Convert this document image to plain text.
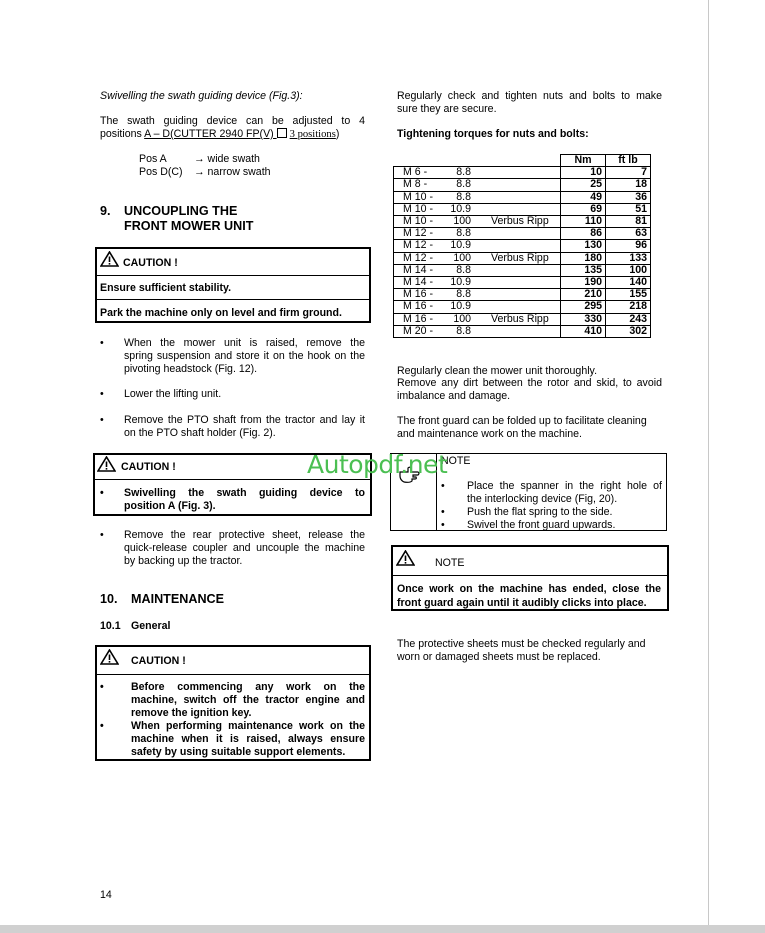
Swivelling the swath guiding device (Fig.3):
The swath guiding device can be adjusted to 4
positions A – D(CUTTER 2940 FP(V) 3 positions)
Pos A	→ wide swath
Pos D(C) → narrow swath
9. UNCOUPLING THE
FRONT MOWER UNIT
CAUTION !
Ensure sufficient stability.
Park the machine only on level and firm ground.
• When the mower unit is raised, remove the
spring suspension and store it on the hook on the
pivoting headstock (Fig. 12).
• Lower the lifting unit.
• Remove the PTO shaft from the tractor and lay it
on the PTO shaft holder (Fig. 2).
CAUTION !
• Swivelling the swath guiding device to
position A (Fig. 3).
• Remove the rear protective sheet, release the
quick-release coupler and uncouple the machine
by backing up the tractor.
10. MAINTENANCE
10.1 General
CAUTION !
•	Before commencing any work on the
machine, switch off the tractor engine and
remove the ignition key.
•	When performing maintenance work on the
machine when it is raised, always ensure
safety by using suitable support elements.
14
Regularly check and tighten nuts and bolts to make
sure they are secure.
Tightening torques for nuts and bolts:
	Nm	ft lb
M 6 - 8.8	10	7
M 8 - 8.8	25	18
M 10 - 8.8	49	36
M 10 - 10.9	69	51
M 10 - 100 Verbus Ripp	110	81
M 12 - 8.8	86	63
M 12 - 10.9	130	96
M 12 - 100 Verbus Ripp	180	133
M 14 - 8.8	135	100
M 14 - 10.9	190	140
M 16 - 8.8	210	155
M 16 - 10.9	295	218
M 16 - 100 Verbus Ripp	330	243
M 20 - 8.8	410	302
Regularly clean the mower unit thoroughly.
Remove any dirt between the rotor and skid, to avoid
imbalance and damage.
The front guard can be folded up to facilitate cleaning
and maintenance work on the machine.
NOTE
• Place the spanner in the right hole of
the interlocking device (Fig, 20).
• Push the flat spring to the side.
• Swivel the front guard upwards.
NOTE
Once work on the machine has ended, close the
front guard again until it audibly clicks into place.
The protective sheets must be checked regularly and
worn or damaged sheets must be replaced.
Autopdf.net
